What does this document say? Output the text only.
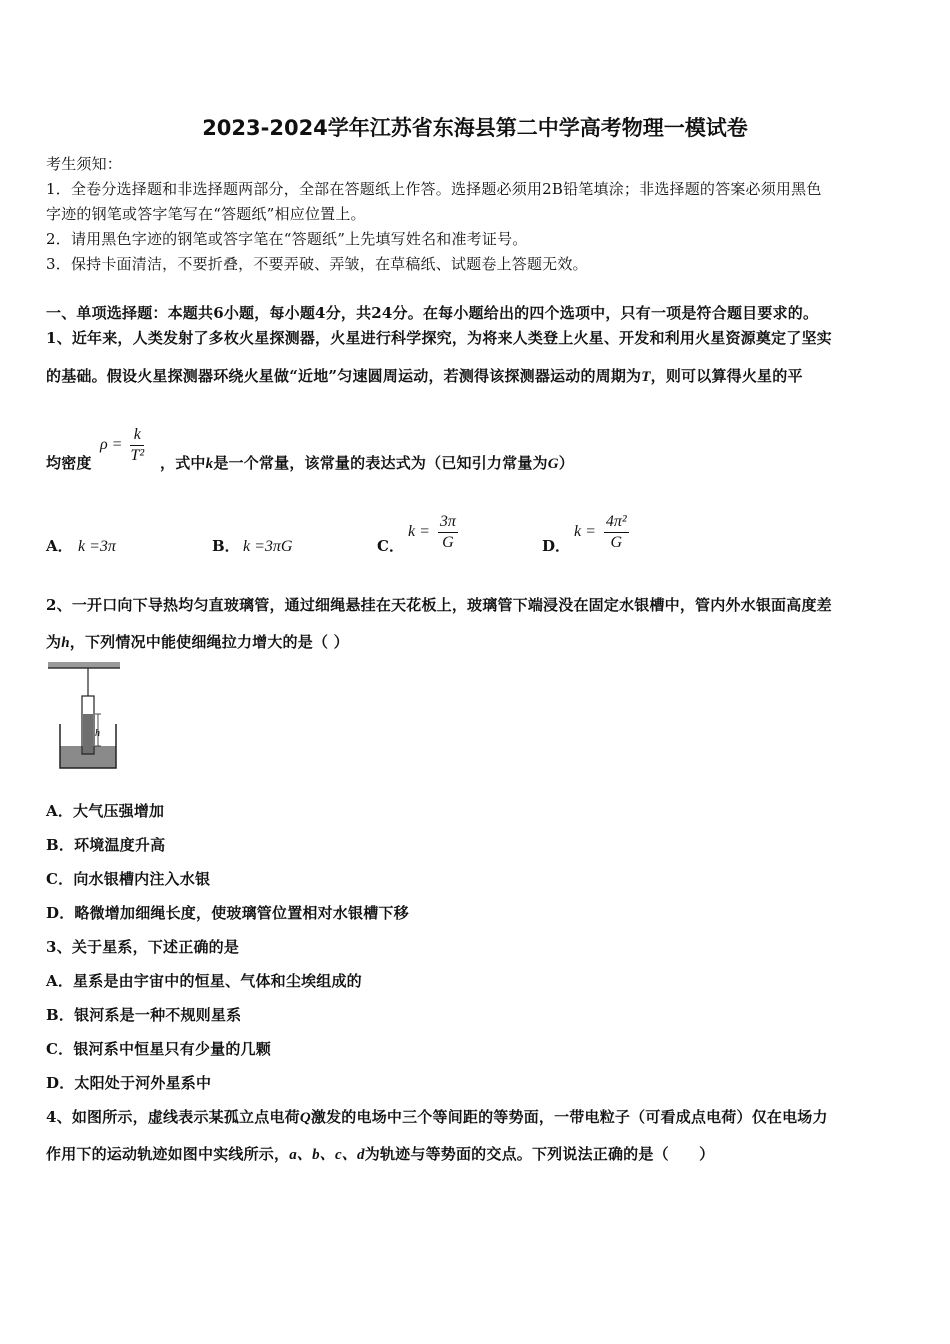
2023-2024学年江苏省东海县第二中学高考物理一模试卷
考生须知：
1．全卷分选择题和非选择题两部分，全部在答题纸上作答。选择题必须用2B铅笔填涂；非选择题的答案必须用黑色
字迹的钢笔或答字笔写在“答题纸”相应位置上。
2．请用黑色字迹的钢笔或答字笔在“答题纸”上先填写姓名和准考证号。
3．保持卡面清洁，不要折叠，不要弄破、弄皱，在草稿纸、试题卷上答题无效。
一、单项选择题：本题共6小题，每小题4分，共24分。在每小题给出的四个选项中，只有一项是符合题目要求的。
1、近年来，人类发射了多枚火星探测器，火星进行科学探究，为将来人类登上火星、开发和利用火星资源奠定了坚实
的基础。假设火星探测器环绕火星做“近地”匀速圆周运动，若测得该探测器运动的周期为T，则可以算得火星的平
均密度
$\rho = \frac{k}{\text{T²}}$ ，式中k是一个常量，该常量的表达式为（已知引力常量为G）
A． k =3π	B． k =3πG	C．
$k = \frac{3\pi}{G}$	D．
$k = \frac{\text{4π²}}{G}$
2、一开口向下导热均匀直玻璃管，通过细绳悬挂在天花板上，玻璃管下端浸没在固定水银槽中，管内外水银面高度差
为h，下列情况中能使细绳拉力增大的是（ ）
h
A．大气压强增加
B．环境温度升高
C．向水银槽内注入水银
D．略微增加细绳长度，使玻璃管位置相对水银槽下移
3、关于星系，下述正确的是
A．星系是由宇宙中的恒星、气体和尘埃组成的
B．银河系是一种不规则星系
C．银河系中恒星只有少量的几颗
D．太阳处于河外星系中
4、如图所示，虚线表示某孤立点电荷Q激发的电场中三个等间距的等势面，一带电粒子（可看成点电荷）仅在电场力
作用下的运动轨迹如图中实线所示，a、b、c、d为轨迹与等势面的交点。下列说法正确的是（　　）
